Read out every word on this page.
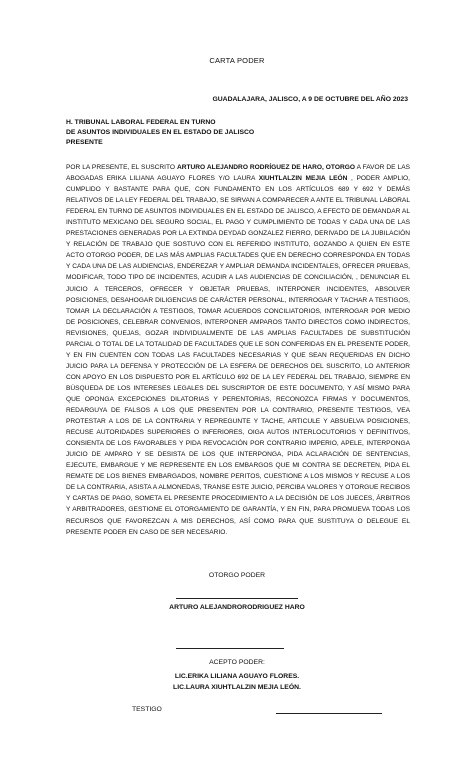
CARTA PODER
GUADALAJARA, JALISCO, A 9 DE OCTUBRE DEL AÑO 2023
H. TRIBUNAL LABORAL FEDERAL EN TURNO
DE ASUNTOS INDIVIDUALES EN EL ESTADO DE JALISCO
PRESENTE
POR LA PRESENTE, EL SUSCRITO ARTURO ALEJANDRO RODRÍGUEZ DE HARO, OTORGO A FAVOR DE LAS ABOGADAS ERIKA LILIANA AGUAYO FLORES Y/O LAURA XIUHTLALZIN MEJIA LEÓN , PODER AMPLIO, CUMPLIDO Y BASTANTE PARA QUE, CON FUNDAMENTO EN LOS ARTÍCULOS 689 Y 692 Y DEMÁS RELATIVOS DE LA LEY FEDERAL DEL TRABAJO, SE SIRVAN A COMPARECER A ANTE EL TRIBUNAL LABORAL FEDERAL EN TURNO DE ASUNTOS INDIVIDUALES EN EL ESTADO DE JALISCO, A EFECTO DE DEMANDAR AL INSTITUTO MEXICANO DEL SEGURO SOCIAL, EL PAGO Y CUMPLIMIENTO DE TODAS Y CADA UNA DE LAS PRESTACIONES GENERADAS POR LA EXTINDA DEYDAD GONZALEZ FIERRO, DERIVADO DE LA JUBILACIÓN Y RELACIÓN DE TRABAJO QUE SOSTUVO CON EL REFERIDO INSTITUTO, GOZANDO A QUIEN EN ESTE ACTO OTORGO PODER, DE LAS MÁS AMPLIAS FACULTADES QUE EN DERECHO CORRESPONDA EN TODAS Y CADA UNA DE LAS AUDIENCIAS, ENDEREZAR Y AMPLIAR DEMANDA INCIDENTALES, OFRECER PRUEBAS, MODIFICAR, TODO TIPO DE INCIDENTES, ACUDIR A LAS AUDIENCIAS DE CONCILIACIÓN, , DENUNCIAR EL JUICIO A TERCEROS, OFRECER Y OBJETAR PRUEBAS, INTERPONER INCIDENTES, ABSOLVER POSICIONES, DESAHOGAR DILIGENCIAS DE CARÁCTER PERSONAL, INTERROGAR Y TACHAR A TESTIGOS, TOMAR LA DECLARACIÓN A TESTIGOS, TOMAR ACUERDOS CONCILIATORIOS, INTERROGAR POR MEDIO DE POSICIONES, CELEBRAR CONVENIOS, INTERPONER AMPAROS TANTO DIRECTOS COMO INDIRECTOS, REVISIONES, QUEJAS, GOZAR INDIVIDUALMENTE DE LAS AMPLIAS FACULTADES DE SUBSTITUCIÓN PARCIAL O TOTAL DE LA TOTALIDAD DE FACULTADES QUE LE SON CONFERIDAS EN EL PRESENTE PODER, Y EN FIN CUENTEN CON TODAS LAS FACULTADES NECESARIAS Y QUE SEAN REQUERIDAS EN DICHO JUICIO PARA LA DEFENSA Y PROTECCIÓN DE LA ESFERA DE DERECHOS DEL SUSCRITO, LO ANTERIOR CON APOYO EN LOS DISPUESTO POR EL ARTÍCULO 692 DE LA LEY FEDERAL DEL TRABAJO, SIEMPRE EN BÚSQUEDA DE LOS INTERESES LEGALES DEL SUSCRIPTOR DE ESTE DOCUMENTO, Y ASÍ MISMO PARA QUE OPONGA EXCEPCIONES DILATORIAS Y PERENTORIAS, RECONOZCA FIRMAS Y DOCUMENTOS, REDARGUYA DE FALSOS A LOS QUE PRESENTEN POR LA CONTRARIO, PRESENTE TESTIGOS, VEA PROTESTAR A LOS DE LA CONTRARIA Y REPREGUNTE Y TACHE, ARTICULE Y ABSUELVA POSICIONES, RECUSE AUTORIDADES SUPERIORES O INFERIORES, OIGA AUTOS INTERLOCUTORIOS Y DEFINITIVOS, CONSIENTA DE LOS FAVORABLES Y PIDA REVOCACIÓN POR CONTRARIO IMPERIO, APELE, INTERPONGA JUICIO DE AMPARO Y SE DESISTA DE LOS QUE INTERPONGA, PIDA ACLARACIÓN DE SENTENCIAS, EJECUTE, EMBARGUE Y ME REPRESENTE EN LOS EMBARGOS QUE MI CONTRA SE DECRETEN, PIDA EL REMATE DE LOS BIENES EMBARGADOS, NOMBRE PERITOS, CUESTIONE A LOS MISMOS Y RECUSE A LOS DE LA CONTRARIA, ASISTA A ALMONEDAS, TRANSE ESTE JUICIO, PERCIBA VALORES Y OTORGUE RECIBOS Y CARTAS DE PAGO, SOMETA EL PRESENTE PROCEDIMIENTO A LA DECISIÓN DE LOS JUECES, ÁRBITROS Y ARBITRADORES, GESTIONE EL OTORGAMIENTO DE GARANTÍA, Y EN FIN, PARA PROMUEVA TODAS LOS RECURSOS QUE FAVOREZCAN A MIS DERECHOS, ASÍ COMO PARA QUE SUSTITUYA O DELEGUE EL PRESENTE PODER EN CASO DE SER NECESARIO.
OTORGO PODER
ARTURO ALEJANDRORODRIGUEZ HARO
ACEPTO PODER:
LIC.ERIKA LILIANA AGUAYO FLORES.
LIC.LAURA XIUHTLALZIN MEJIA LEÓN.
TESTIGO
